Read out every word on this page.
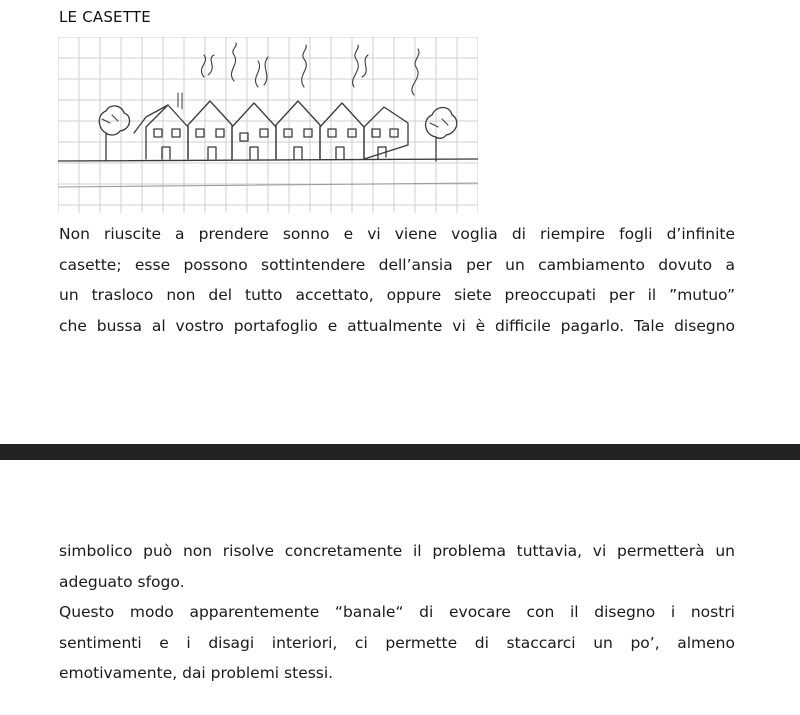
LE CASETTE
Non riuscite a prendere sonno e vi viene voglia di riempire fogli d’infinite
casette; esse possono sottintendere dell’ansia per un cambiamento dovuto a
un trasloco non del tutto accettato, oppure siete preoccupati per il ”mutuo”
che bussa al vostro portafoglio e attualmente vi è difficile pagarlo. Tale disegno
simbolico può non risolve concretamente il problema tuttavia, vi permetterà un
adeguato sfogo.
Questo modo apparentemente “banale“ di evocare con il disegno i nostri
sentimenti e i disagi interiori, ci permette di staccarci un po’, almeno
emotivamente, dai problemi stessi.
